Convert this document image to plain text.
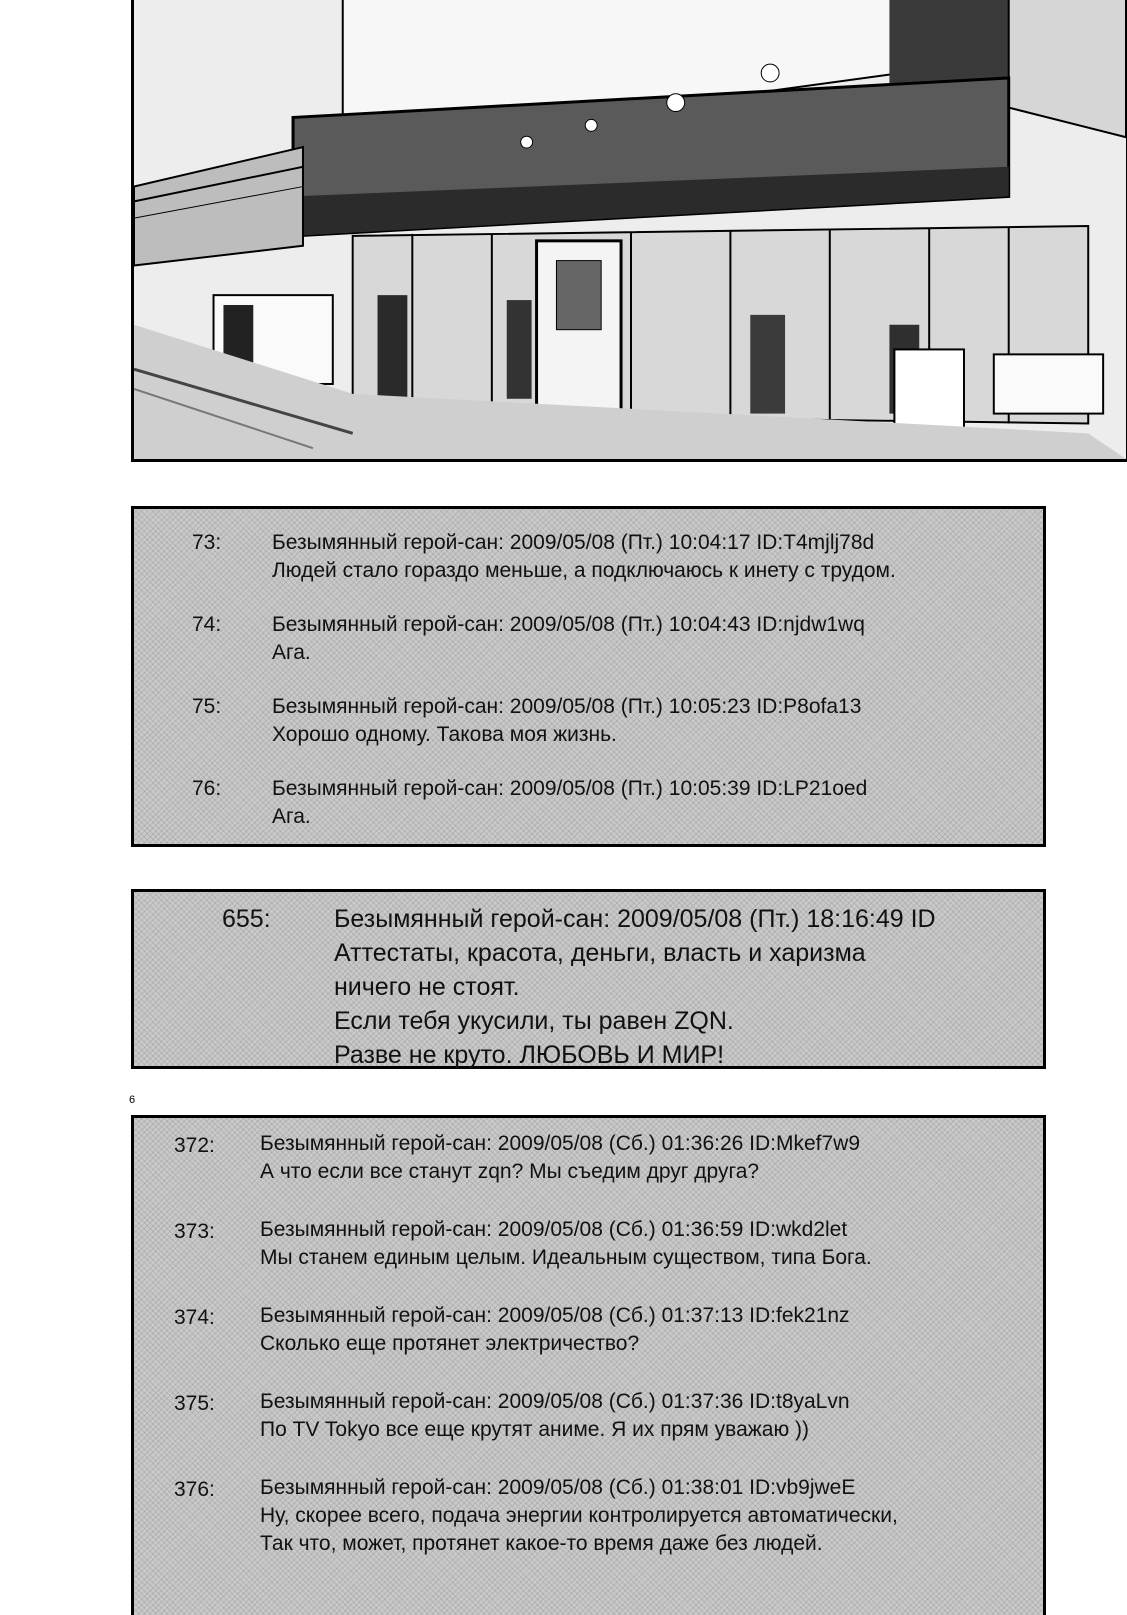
73:	Безымянный герой-сан: 2009/05/08 (Пт.) 10:04:17 ID:T4mjlj78d

Людей стало гораздо меньше, а подключаюсь к инету с трудом.

74:	Безымянный герой-сан: 2009/05/08 (Пт.) 10:04:43 ID:njdw1wq

Ага.

75:	Безымянный герой-сан: 2009/05/08 (Пт.) 10:05:23 ID:P8ofa13

Хорошо одному. Такова моя жизнь.

76:	Безымянный герой-сан: 2009/05/08 (Пт.) 10:05:39 ID:LP21oed

Ага.

655:	Безымянный герой-сан: 2009/05/08 (Пт.) 18:16:49 ID

Аттестаты, красота, деньги, власть и харизма

ничего не стоят.

Если тебя укусили, ты равен ZQN.

Разве не круто. ЛЮБОВЬ И МИР!

6
372:	Безымянный герой-сан: 2009/05/08 (Сб.) 01:36:26 ID:Mkef7w9

А что если все станут zqn? Мы съедим друг друга?

373:	Безымянный герой-сан: 2009/05/08 (Сб.) 01:36:59 ID:wkd2let

Мы станем единым целым. Идеальным существом, типа Бога.

374:	Безымянный герой-сан: 2009/05/08 (Сб.) 01:37:13 ID:fek21nz

Сколько еще протянет электричество?

375:	Безымянный герой-сан: 2009/05/08 (Сб.) 01:37:36 ID:t8yaLvn

По TV Tokyo все еще крутят аниме. Я их прям уважаю ))

376:	Безымянный герой-сан: 2009/05/08 (Сб.) 01:38:01 ID:vb9jweE

Ну, скорее всего, подача энергии контролируется автоматически,

Так что, может, протянет какое-то время даже без людей.
